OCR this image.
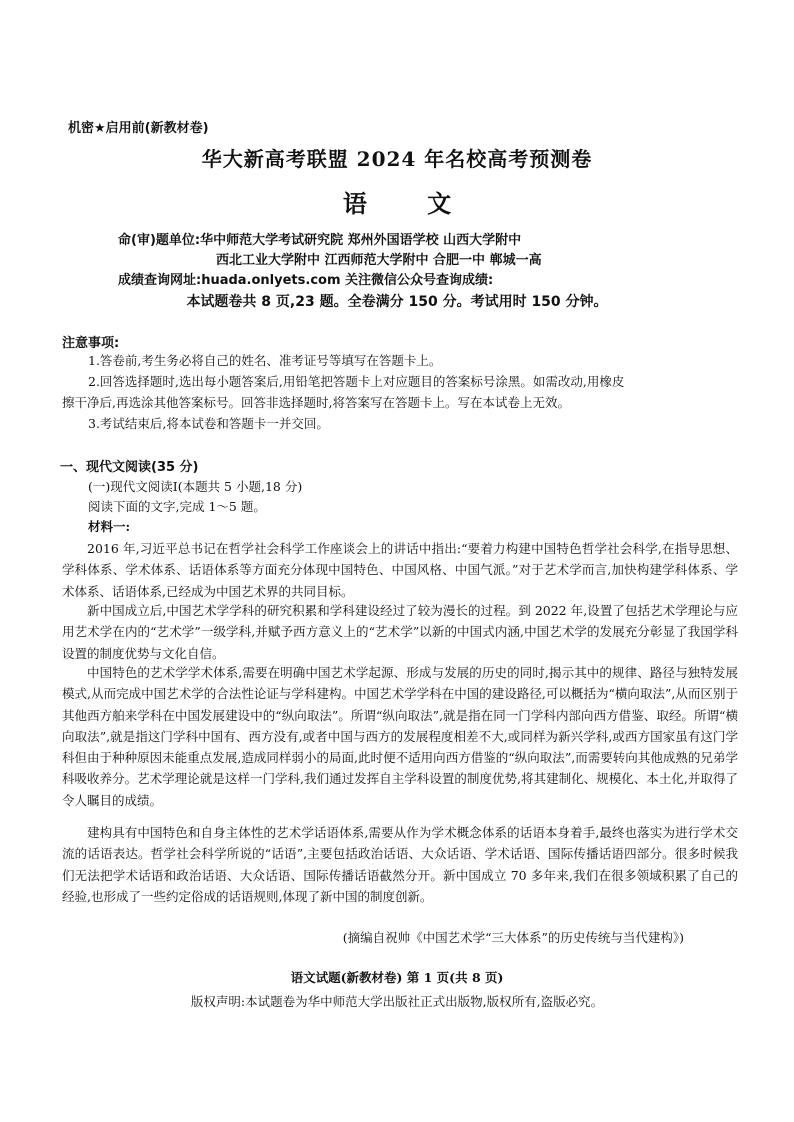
机密★启用前(新教材卷)
华大新高考联盟 2024 年名校高考预测卷
语 文
命(审)题单位:华中师范大学考试研究院 郑州外国语学校 山西大学附中
西北工业大学附中 江西师范大学附中 合肥一中 郸城一高
成绩查询网址:huada.onlyets.com 关注微信公众号查询成绩:
本试题卷共 8 页,23 题。全卷满分 150 分。考试用时 150 分钟。
注意事项:
1.答卷前,考生务必将自己的姓名、准考证号等填写在答题卡上。
2.回答选择题时,选出每小题答案后,用铅笔把答题卡上对应题目的答案标号涂黑。如需改动,用橡皮
擦干净后,再选涂其他答案标号。回答非选择题时,将答案写在答题卡上。写在本试卷上无效。
3.考试结束后,将本试卷和答题卡一并交回。
一、现代文阅读(35 分)
(一)现代文阅读Ⅰ(本题共 5 小题,18 分)
阅读下面的文字,完成 1～5 题。
材料一:

2016 年,习近平总书记在哲学社会科学工作座谈会上的讲话中指出:“要着力构建中国特色哲学社会科学,在指导思想、学科体系、学术体系、话语体系等方面充分体现中国特色、中国风格、中国气派。”对于艺术学而言,加快构建学科体系、学术体系、话语体系,已经成为中国艺术界的共同目标。

新中国成立后,中国艺术学学科的研究积累和学科建设经过了较为漫长的过程。到 2022 年,设置了包括艺术学理论与应用艺术学在内的“艺术学”一级学科,并赋予西方意义上的“艺术学”以新的中国式内涵,中国艺术学的发展充分彰显了我国学科设置的制度优势与文化自信。

中国特色的艺术学学术体系,需要在明确中国艺术学起源、形成与发展的历史的同时,揭示其中的规律、路径与独特发展模式,从而完成中国艺术学的合法性论证与学科建构。中国艺术学学科在中国的建设路径,可以概括为“横向取法”,从而区别于其他西方舶来学科在中国发展建设中的“纵向取法”。所谓“纵向取法”,就是指在同一门学科内部向西方借鉴、取经。所谓“横向取法”,就是指这门学科中国有、西方没有,或者中国与西方的发展程度相差不大,或同样为新兴学科,或西方国家虽有这门学科但由于种种原因未能重点发展,造成同样弱小的局面,此时便不适用向西方借鉴的“纵向取法”,而需要转向其他成熟的兄弟学科吸收养分。艺术学理论就是这样一门学科,我们通过发挥自主学科设置的制度优势,将其建制化、规模化、本土化,并取得了令人瞩目的成绩。

建构具有中国特色和自身主体性的艺术学话语体系,需要从作为学术概念体系的话语本身着手,最终也落实为进行学术交流的话语表达。哲学社会科学所说的“话语”,主要包括政治话语、大众话语、学术话语、国际传播话语四部分。很多时候我们无法把学术话语和政治话语、大众话语、国际传播话语截然分开。新中国成立 70 多年来,我们在很多领域积累了自己的经验,也形成了一些约定俗成的话语规则,体现了新中国的制度创新。

(摘编自祝帅《中国艺术学“三大体系”的历史传统与当代建构》)
语文试题(新教材卷) 第 1 页(共 8 页)
版权声明:本试题卷为华中师范大学出版社正式出版物,版权所有,盗版必究。
